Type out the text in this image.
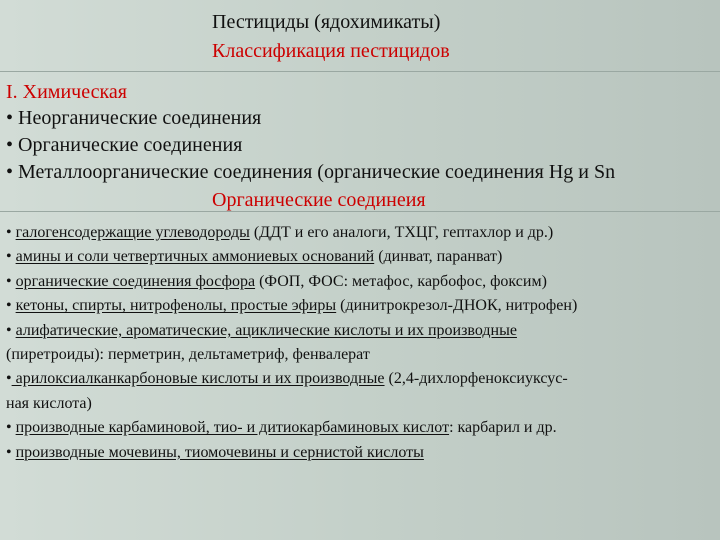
Пестициды (ядохимикаты)
Классификация пестицидов
I. Химическая
• Неорганические соединения
• Органические соединения
• Металлоорганические соединения (органические соединения Hg и Sn
Органические соединеия
• галогенсодержащие углеводороды (ДДТ и его аналоги, ТХЦГ, гептахлор и др.)
• амины и соли четвертичных аммониевых оснований (динват, паранват)
• органические соединения фосфора (ФОП, ФОС: метафос, карбофос, фоксим)
• кетоны, спирты, нитрофенолы, простые эфиры (динитрокрезол-ДНОК, нитрофен)
• алифатические, ароматические, ациклические кислоты и их производные
(пиретроиды): перметрин, дельтаметриф, фенвалерат
• арилоксиалканкарбоновые кислоты и их производные (2,4-дихлорфеноксиуксус-
ная кислота)
• производные карбаминовой, тио- и дитиокарбаминовых кислот: карбарил и др.
• производные мочевины, тиомочевины и сернистой кислоты
